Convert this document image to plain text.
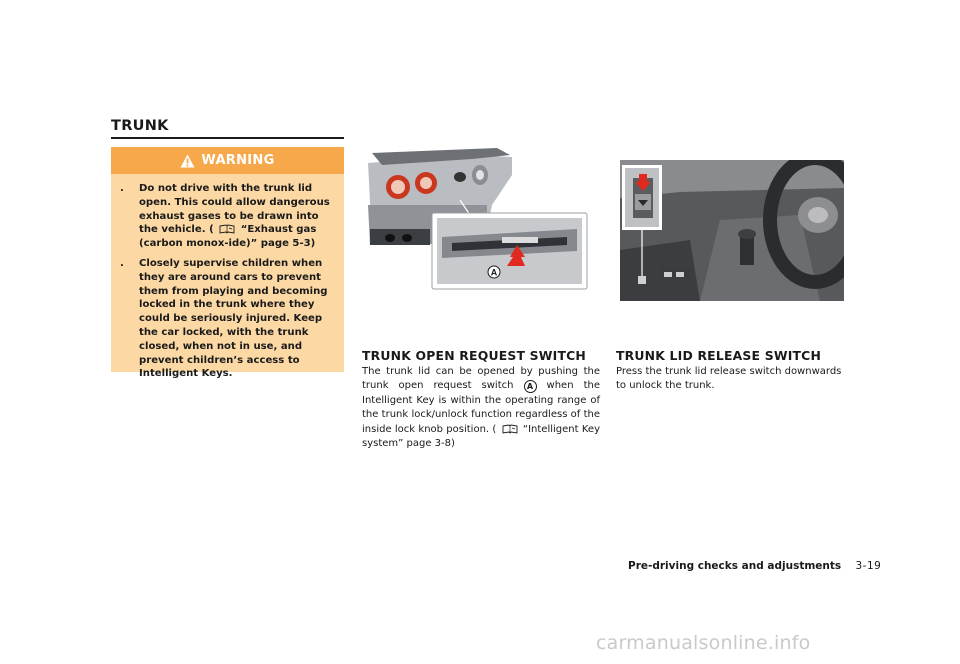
TRUNK
WARNING
. Do not drive with the trunk lid open. This could allow dangerous exhaust gases to be drawn into the vehicle. (	“Exhaust gas (carbon monox-ide)” page 5-3)
. Closely supervise children when they are around cars to prevent them from playing and becoming locked in the trunk where they could be seriously injured. Keep the car locked, with the trunk closed, when not in use, and prevent children’s access to Intelligent Keys.
A
TRUNK OPEN REQUEST SWITCH
The trunk lid can be opened by pushing the trunk open request switch A when the Intelligent Key is within the operating range of the trunk lock/unlock function regardless of the inside lock knob position. (	“Intelligent Key system” page 3-8)
TRUNK LID RELEASE SWITCH
Press the trunk lid release switch downwards to unlock the trunk.
Pre-driving checks and adjustments 3-19
carmanualsonline.info
